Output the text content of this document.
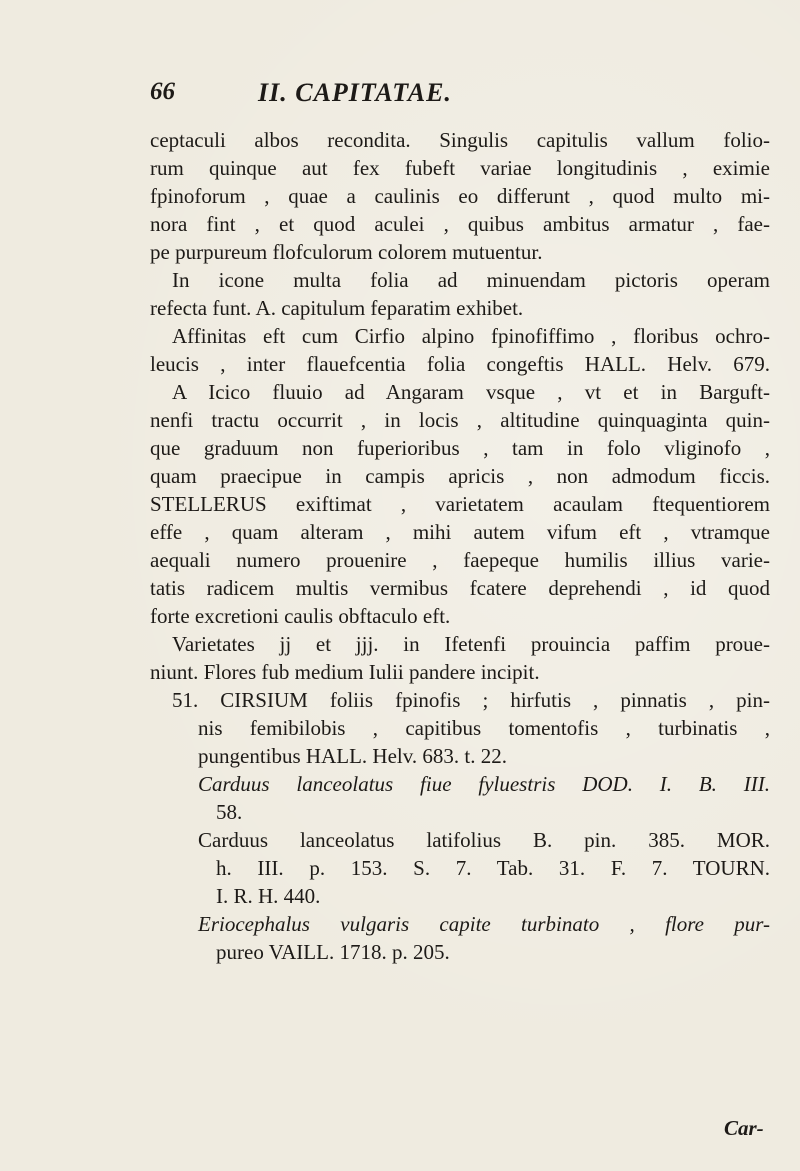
66	II. CAPITATAE.
ceptaculi albos recondita. Singulis capitulis vallum folio-
rum quinque aut fex fubeft variae longitudinis , eximie
fpinoforum , quae a caulinis eo differunt , quod multo mi-
nora fint , et quod aculei , quibus ambitus armatur , fae-
pe purpureum flofculorum colorem mutuentur.
In icone multa folia ad minuendam pictoris operam
refecta funt. A. capitulum feparatim exhibet.
Affinitas eft cum Cirfio alpino fpinofiffimo , floribus ochro-
leucis , inter flauefcentia folia congeftis HALL. Helv. 679.
A Icico fluuio ad Angaram vsque , vt et in Barguft-
nenfi tractu occurrit , in locis , altitudine quinquaginta quin-
que graduum non fuperioribus , tam in folo vliginofo ,
quam praecipue in campis apricis , non admodum ficcis.
STELLERUS exiftimat , varietatem acaulam ftequentiorem
effe , quam alteram , mihi autem vifum eft , vtramque
aequali numero prouenire , faepeque humilis illius varie-
tatis radicem multis vermibus fcatere deprehendi , id quod
forte excretioni caulis obftaculo eft.
Varietates jj et jjj. in Ifetenfi prouincia paffim proue-
niunt. Flores fub medium Iulii pandere incipit.
51. CIRSIUM foliis fpinofis ; hirfutis , pinnatis , pin-
nis femibilobis , capitibus tomentofis , turbinatis ,
pungentibus HALL. Helv. 683. t. 22.
Carduus lanceolatus fiue fyluestris DOD. I. B. III.
58.
Carduus lanceolatus latifolius B. pin. 385. MOR.
h. III. p. 153. S. 7. Tab. 31. F. 7. TOURN.
I. R. H. 440.
Eriocephalus vulgaris capite turbinato , flore pur-
pureo VAILL. 1718. p. 205.
Car-
